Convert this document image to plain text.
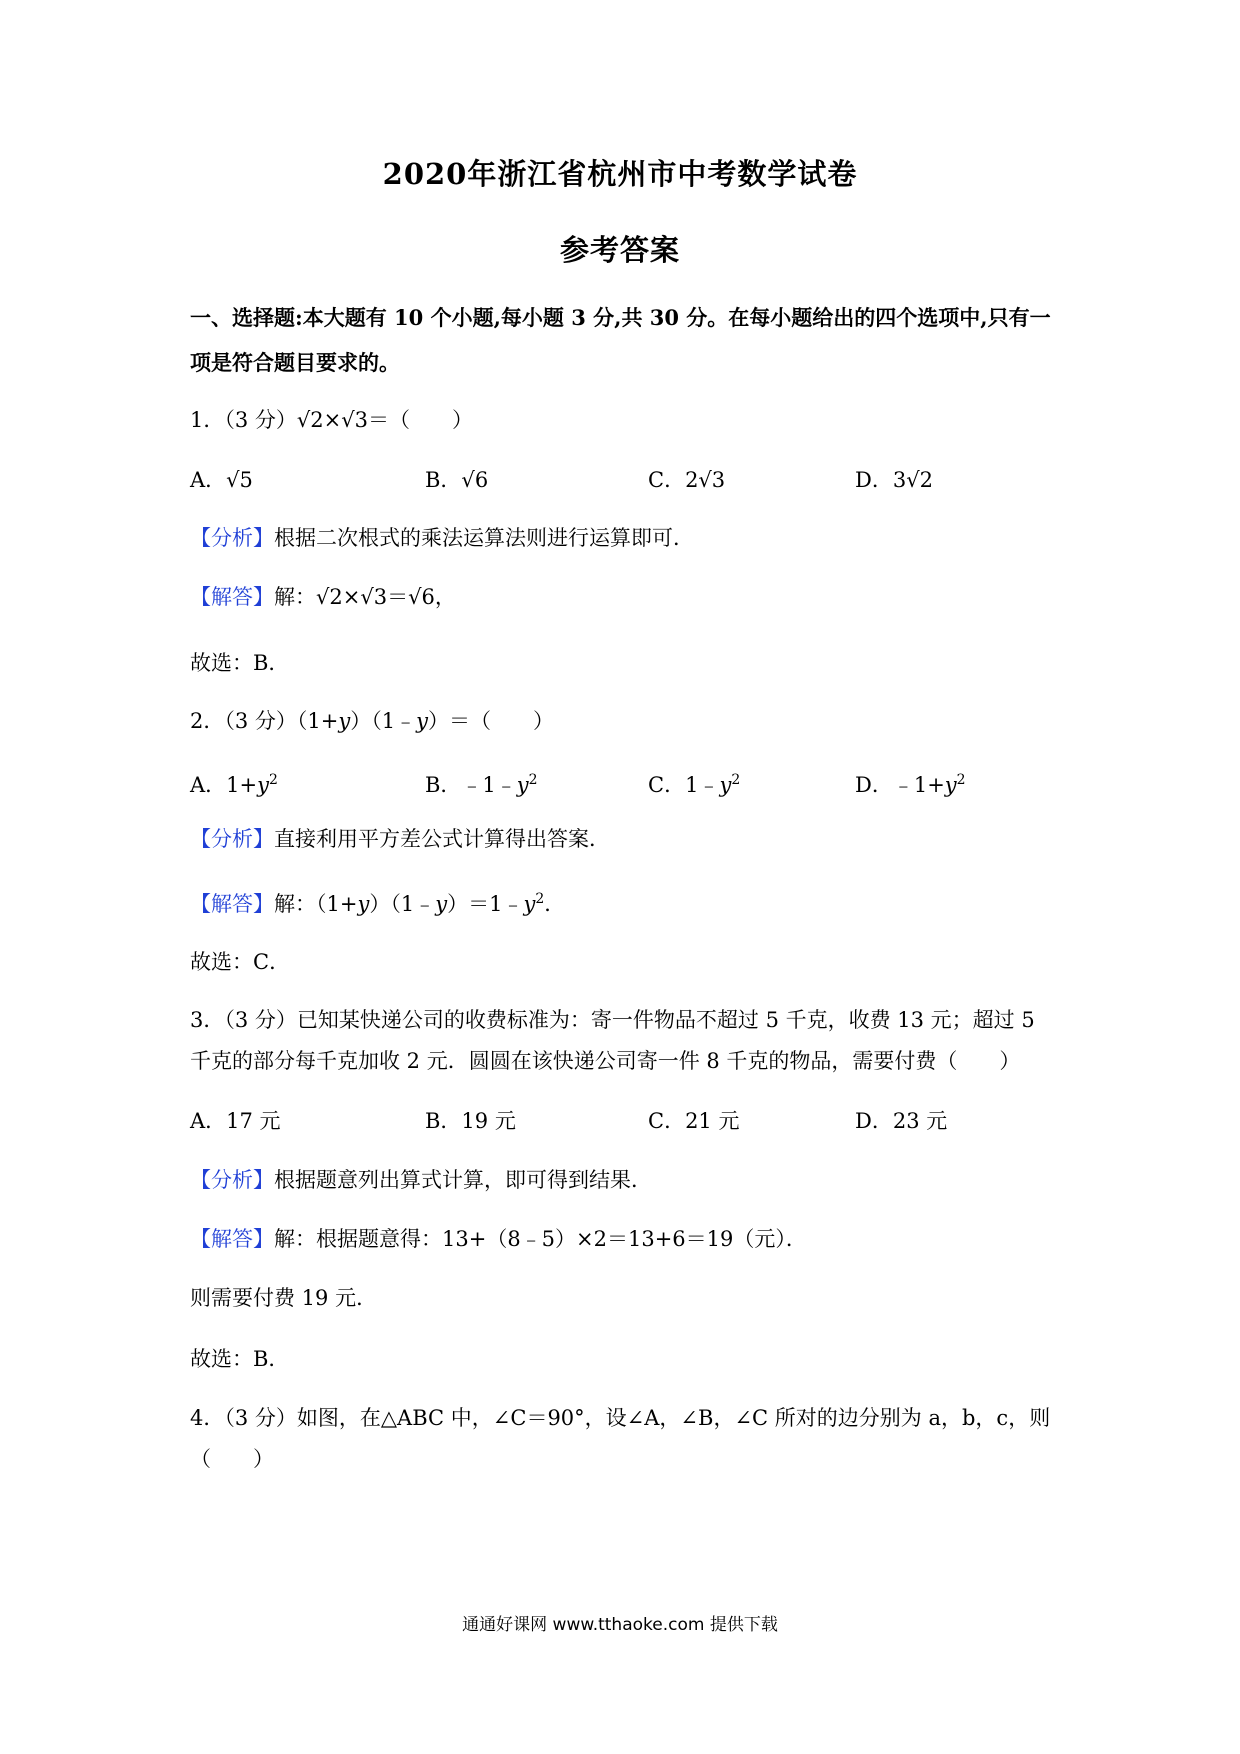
2020年浙江省杭州市中考数学试卷
参考答案
一、选择题:本大题有 10 个小题,每小题 3 分,共 30 分。在每小题给出的四个选项中,只有一
项是符合题目要求的。
1．（3 分）√2×√3＝（　　）
A．√5	B．√6	C．2√3	D．3√2
【分析】根据二次根式的乘法运算法则进行运算即可．
【解答】解：√2×√3＝√6，
故选：B．
2．（3 分）（1+y）（1﹣y）＝（　　）
A．$1+y^2$	B．$﹣1﹣y^2$	C．$1﹣y^2$	D．$﹣1+y^2$
【分析】直接利用平方差公式计算得出答案．
【解答】解：$(1+y)(1﹣y)=1﹣y^2$．
故选：C．
3．（3 分）已知某快递公司的收费标准为：寄一件物品不超过 5 千克，收费 13 元；超过 5
千克的部分每千克加收 2 元．圆圆在该快递公司寄一件 8 千克的物品，需要付费（　　）
A．17 元	B．19 元	C．21 元	D．23 元
【分析】根据题意列出算式计算，即可得到结果．
【解答】解：根据题意得：13+（8﹣5）×2＝13+6＝19（元）．
则需要付费 19 元．
故选：B．
4．（3 分）如图，在△ABC 中，∠C＝90°，设∠A，∠B，∠C 所对的边分别为 a，b，c，则
（　　）
通通好课网 www.tthaoke.com 提供下载
